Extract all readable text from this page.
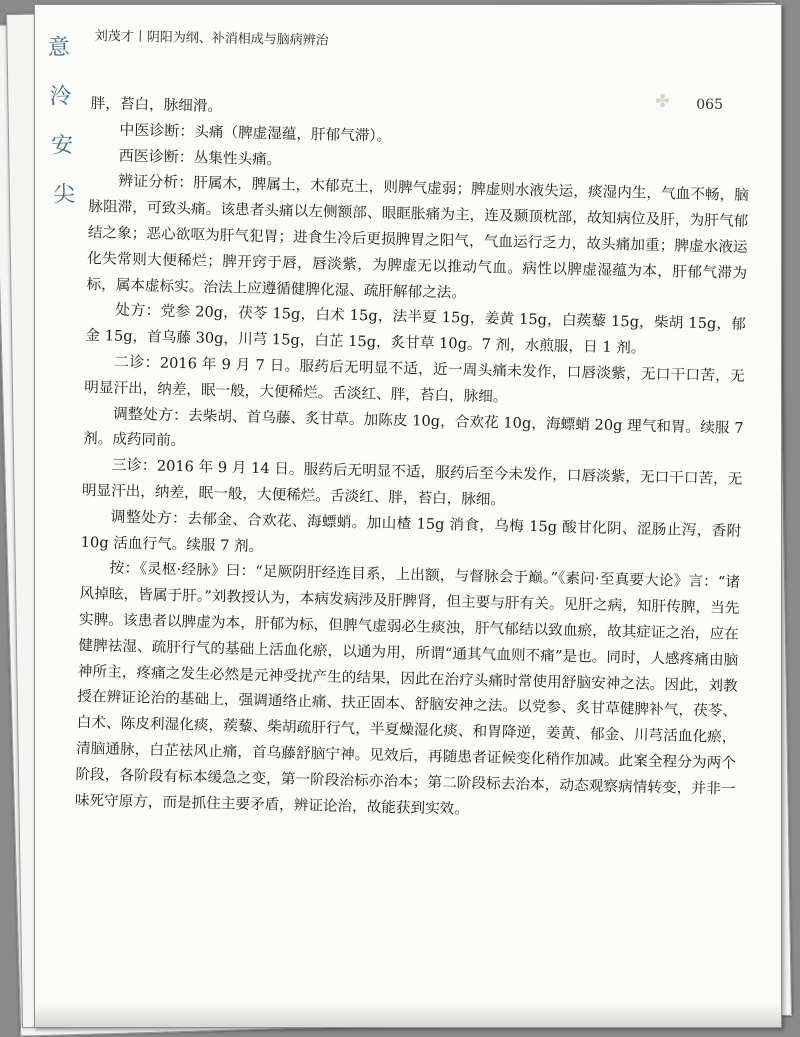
意 泠 安 尖 刘茂才丨阴阳为纲、补消相成与脑病辨治
✤ 065

胖，苔白，脉细滑。

中医诊断：头痛（脾虚湿蕴，肝郁气滞）。

西医诊断：丛集性头痛。

辨证分析：肝属木，脾属土，木郁克土，则脾气虚弱；脾虚则水液失运，痰湿内生，气血不畅，脑脉阻滞，可致头痛。该患者头痛以左侧额部、眼眶胀痛为主，连及颞顶枕部，故知病位及肝，为肝气郁结之象；恶心欲呕为肝气犯胃；进食生冷后更损脾胃之阳气，气血运行乏力，故头痛加重；脾虚水液运化失常则大便稀烂；脾开窍于唇，唇淡紫，为脾虚无以推动气血。病性以脾虚湿蕴为本，肝郁气滞为标，属本虚标实。治法上应遵循健脾化湿、疏肝解郁之法。

处方：党参 20g，茯苓 15g，白术 15g，法半夏 15g，姜黄 15g，白蒺藜 15g，柴胡 15g，郁金 15g，首乌藤 30g，川芎 15g，白芷 15g，炙甘草 10g。7 剂，水煎服，日 1 剂。

二诊：2016 年 9 月 7 日。服药后无明显不适，近一周头痛未发作，口唇淡紫，无口干口苦，无明显汗出，纳差，眠一般，大便稀烂。舌淡红、胖，苔白，脉细。

调整处方：去柴胡、首乌藤、炙甘草。加陈皮 10g，合欢花 10g，海螵蛸 20g 理气和胃。续服 7 剂。成药同前。

三诊：2016 年 9 月 14 日。服药后无明显不适，服药后至今未发作，口唇淡紫，无口干口苦，无明显汗出，纳差，眠一般，大便稀烂。舌淡红、胖，苔白，脉细。

调整处方：去郁金、合欢花、海螵蛸。加山楂 15g 消食，乌梅 15g 酸甘化阴、涩肠止泻，香附 10g 活血行气。续服 7 剂。

按：《灵枢·经脉》曰：“足厥阴肝经连目系，上出额，与督脉会于巅。”《素问·至真要大论》言：“诸风掉眩，皆属于肝。”刘教授认为，本病发病涉及肝脾肾，但主要与肝有关。见肝之病，知肝传脾，当先实脾。该患者以脾虚为本，肝郁为标，但脾气虚弱必生痰浊，肝气郁结以致血瘀，故其症证之治，应在健脾祛湿、疏肝行气的基础上活血化瘀，以通为用，所谓“通其气血则不痛”是也。同时，人感疼痛由脑神所主，疼痛之发生必然是元神受扰产生的结果，因此在治疗头痛时常使用舒脑安神之法。因此，刘教授在辨证论治的基础上，强调通络止痛、扶正固本、舒脑安神之法。以党参、炙甘草健脾补气，茯苓、白术、陈皮利湿化痰，蒺藜、柴胡疏肝行气，半夏燥湿化痰、和胃降逆，姜黄、郁金、川芎活血化瘀，清脑通脉，白芷祛风止痛，首乌藤舒脑宁神。见效后，再随患者证候变化稍作加减。此案全程分为两个阶段，各阶段有标本缓急之变，第一阶段治标亦治本；第二阶段标去治本，动态观察病情转变，并非一味死守原方，而是抓住主要矛盾，辨证论治，故能获到实效。
